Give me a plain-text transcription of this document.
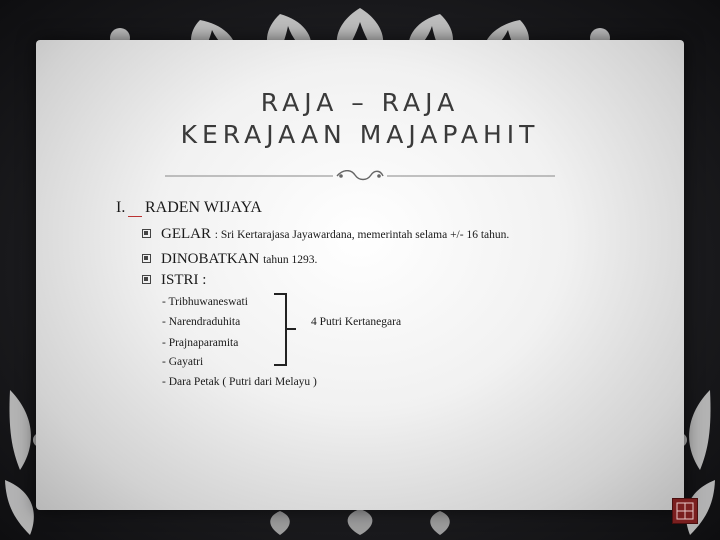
RAJA – RAJA
KERAJAAN MAJAPAHIT
I. RADEN WIJAYA
GELAR : Sri Kertarajasa Jayawardana, memerintah selama +/- 16 tahun.
DINOBATKAN tahun 1293.
ISTRI :
- Tribhuwaneswati
- Narendraduhita
- Prajnaparamita
- Gayatri
- Dara Petak ( Putri dari Melayu )
4 Putri Kertanegara
